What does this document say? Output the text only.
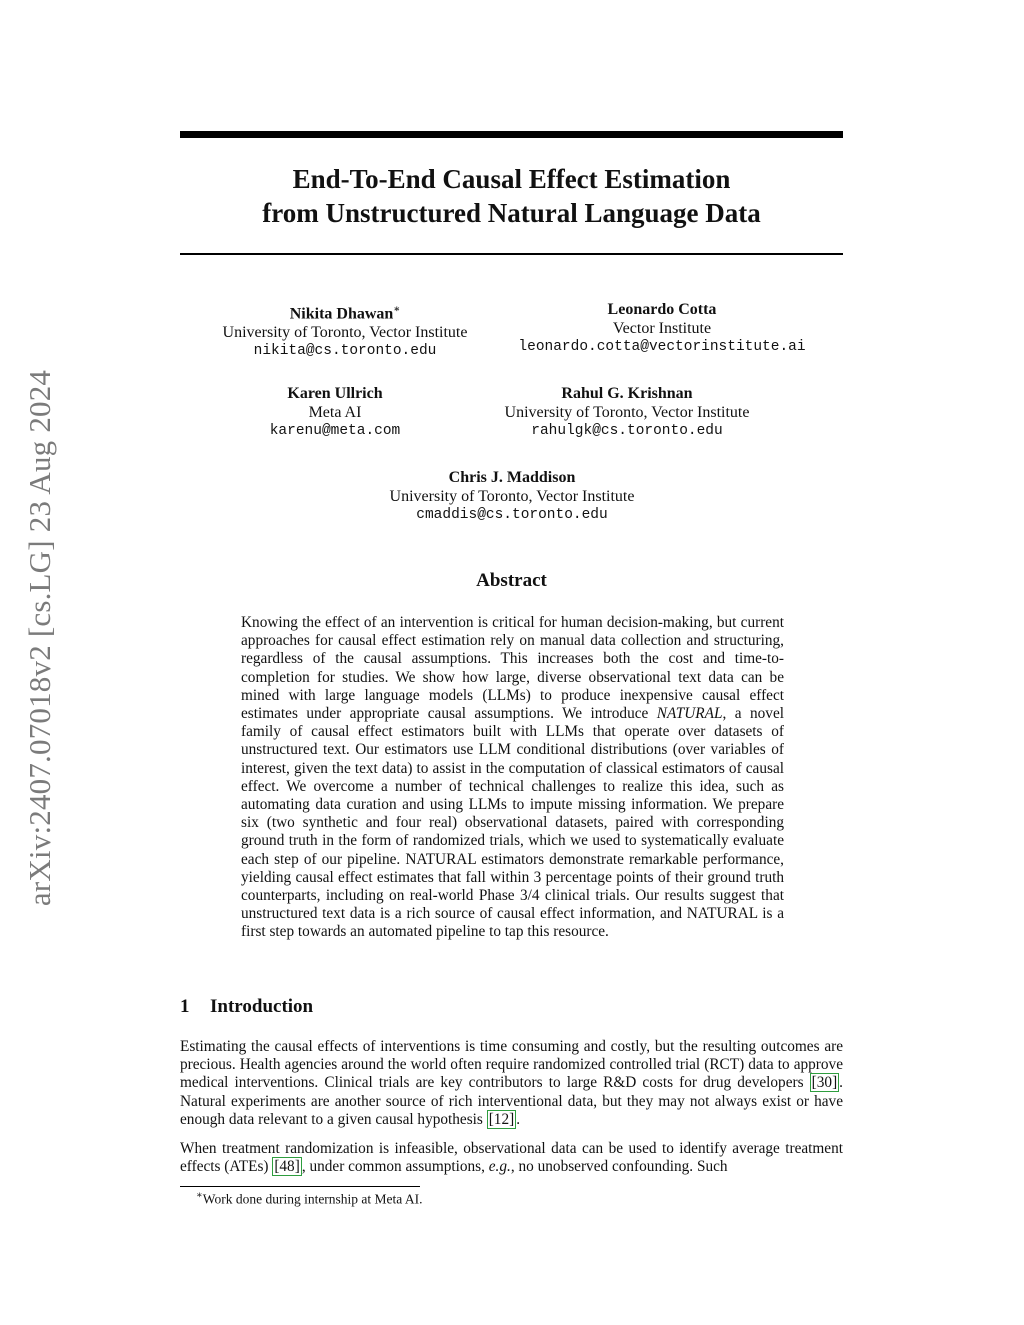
arXiv:2407.07018v2 [cs.LG] 23 Aug 2024
End-To-End Causal Effect Estimation
from Unstructured Natural Language Data
Nikita Dhawan∗
University of Toronto, Vector Institute
nikita@cs.toronto.edu
Leonardo Cotta
Vector Institute
leonardo.cotta@vectorinstitute.ai
Karen Ullrich
Meta AI
karenu@meta.com
Rahul G. Krishnan
University of Toronto, Vector Institute
rahulgk@cs.toronto.edu
Chris J. Maddison
University of Toronto, Vector Institute
cmaddis@cs.toronto.edu
Abstract
Knowing the effect of an intervention is critical for human decision-making, but current approaches for causal effect estimation rely on manual data collection and structuring, regardless of the causal assumptions. This increases both the cost and time-to-completion for studies. We show how large, diverse observational text data can be mined with large language models (LLMs) to produce inexpensive causal effect estimates under appropriate causal assumptions. We introduce NATURAL, a novel family of causal effect estimators built with LLMs that operate over datasets of unstructured text. Our estimators use LLM conditional distributions (over variables of interest, given the text data) to assist in the computation of classical estimators of causal effect. We overcome a number of technical challenges to realize this idea, such as automating data curation and using LLMs to impute missing information. We prepare six (two synthetic and four real) observational datasets, paired with corresponding ground truth in the form of randomized trials, which we used to systematically evaluate each step of our pipeline. NATURAL estimators demonstrate remarkable performance, yielding causal effect estimates that fall within 3 percentage points of their ground truth counterparts, including on real-world Phase 3/4 clinical trials. Our results suggest that unstructured text data is a rich source of causal effect information, and NATURAL is a first step towards an automated pipeline to tap this resource.
1 Introduction
Estimating the causal effects of interventions is time consuming and costly, but the resulting outcomes are precious. Health agencies around the world often require randomized controlled trial (RCT) data to approve medical interventions. Clinical trials are key contributors to large R&D costs for drug developers [30] . Natural experiments are another source of rich interventional data, but they may not always exist or have enough data relevant to a given causal hypothesis [12] .
When treatment randomization is infeasible, observational data can be used to identify average treatment effects (ATEs) [48] , under common assumptions, e.g., no unobserved confounding. Such
∗Work done during internship at Meta AI.
